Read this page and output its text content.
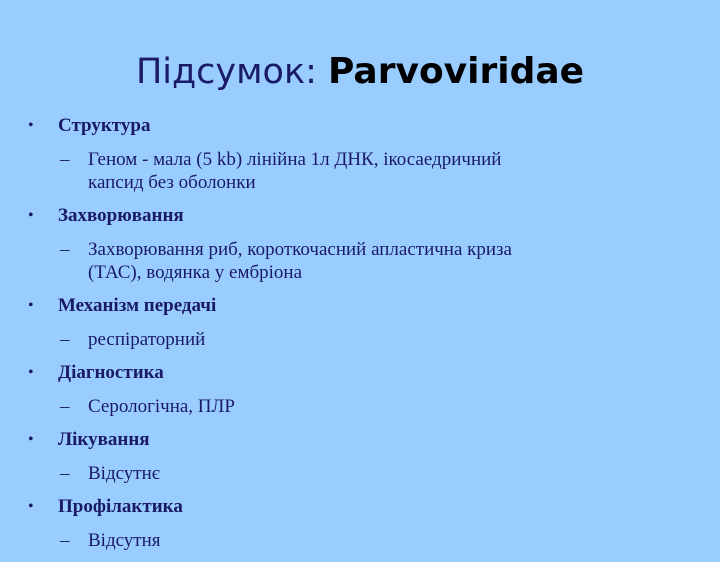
Підсумок: Parvoviridae
• Структура
– Геном - мала (5 kb) лінійна 1л ДНК, ікосаедричний
капсид без оболонки
• Захворювання
– Захворювання риб, короткочасний апластична криза
(ТАС), водянка у ембріона
• Механізм передачі
– респіраторний
• Діагностика
– Серологічна, ПЛР
• Лікування
– Відсутнє
• Профілактика
– Відсутня
